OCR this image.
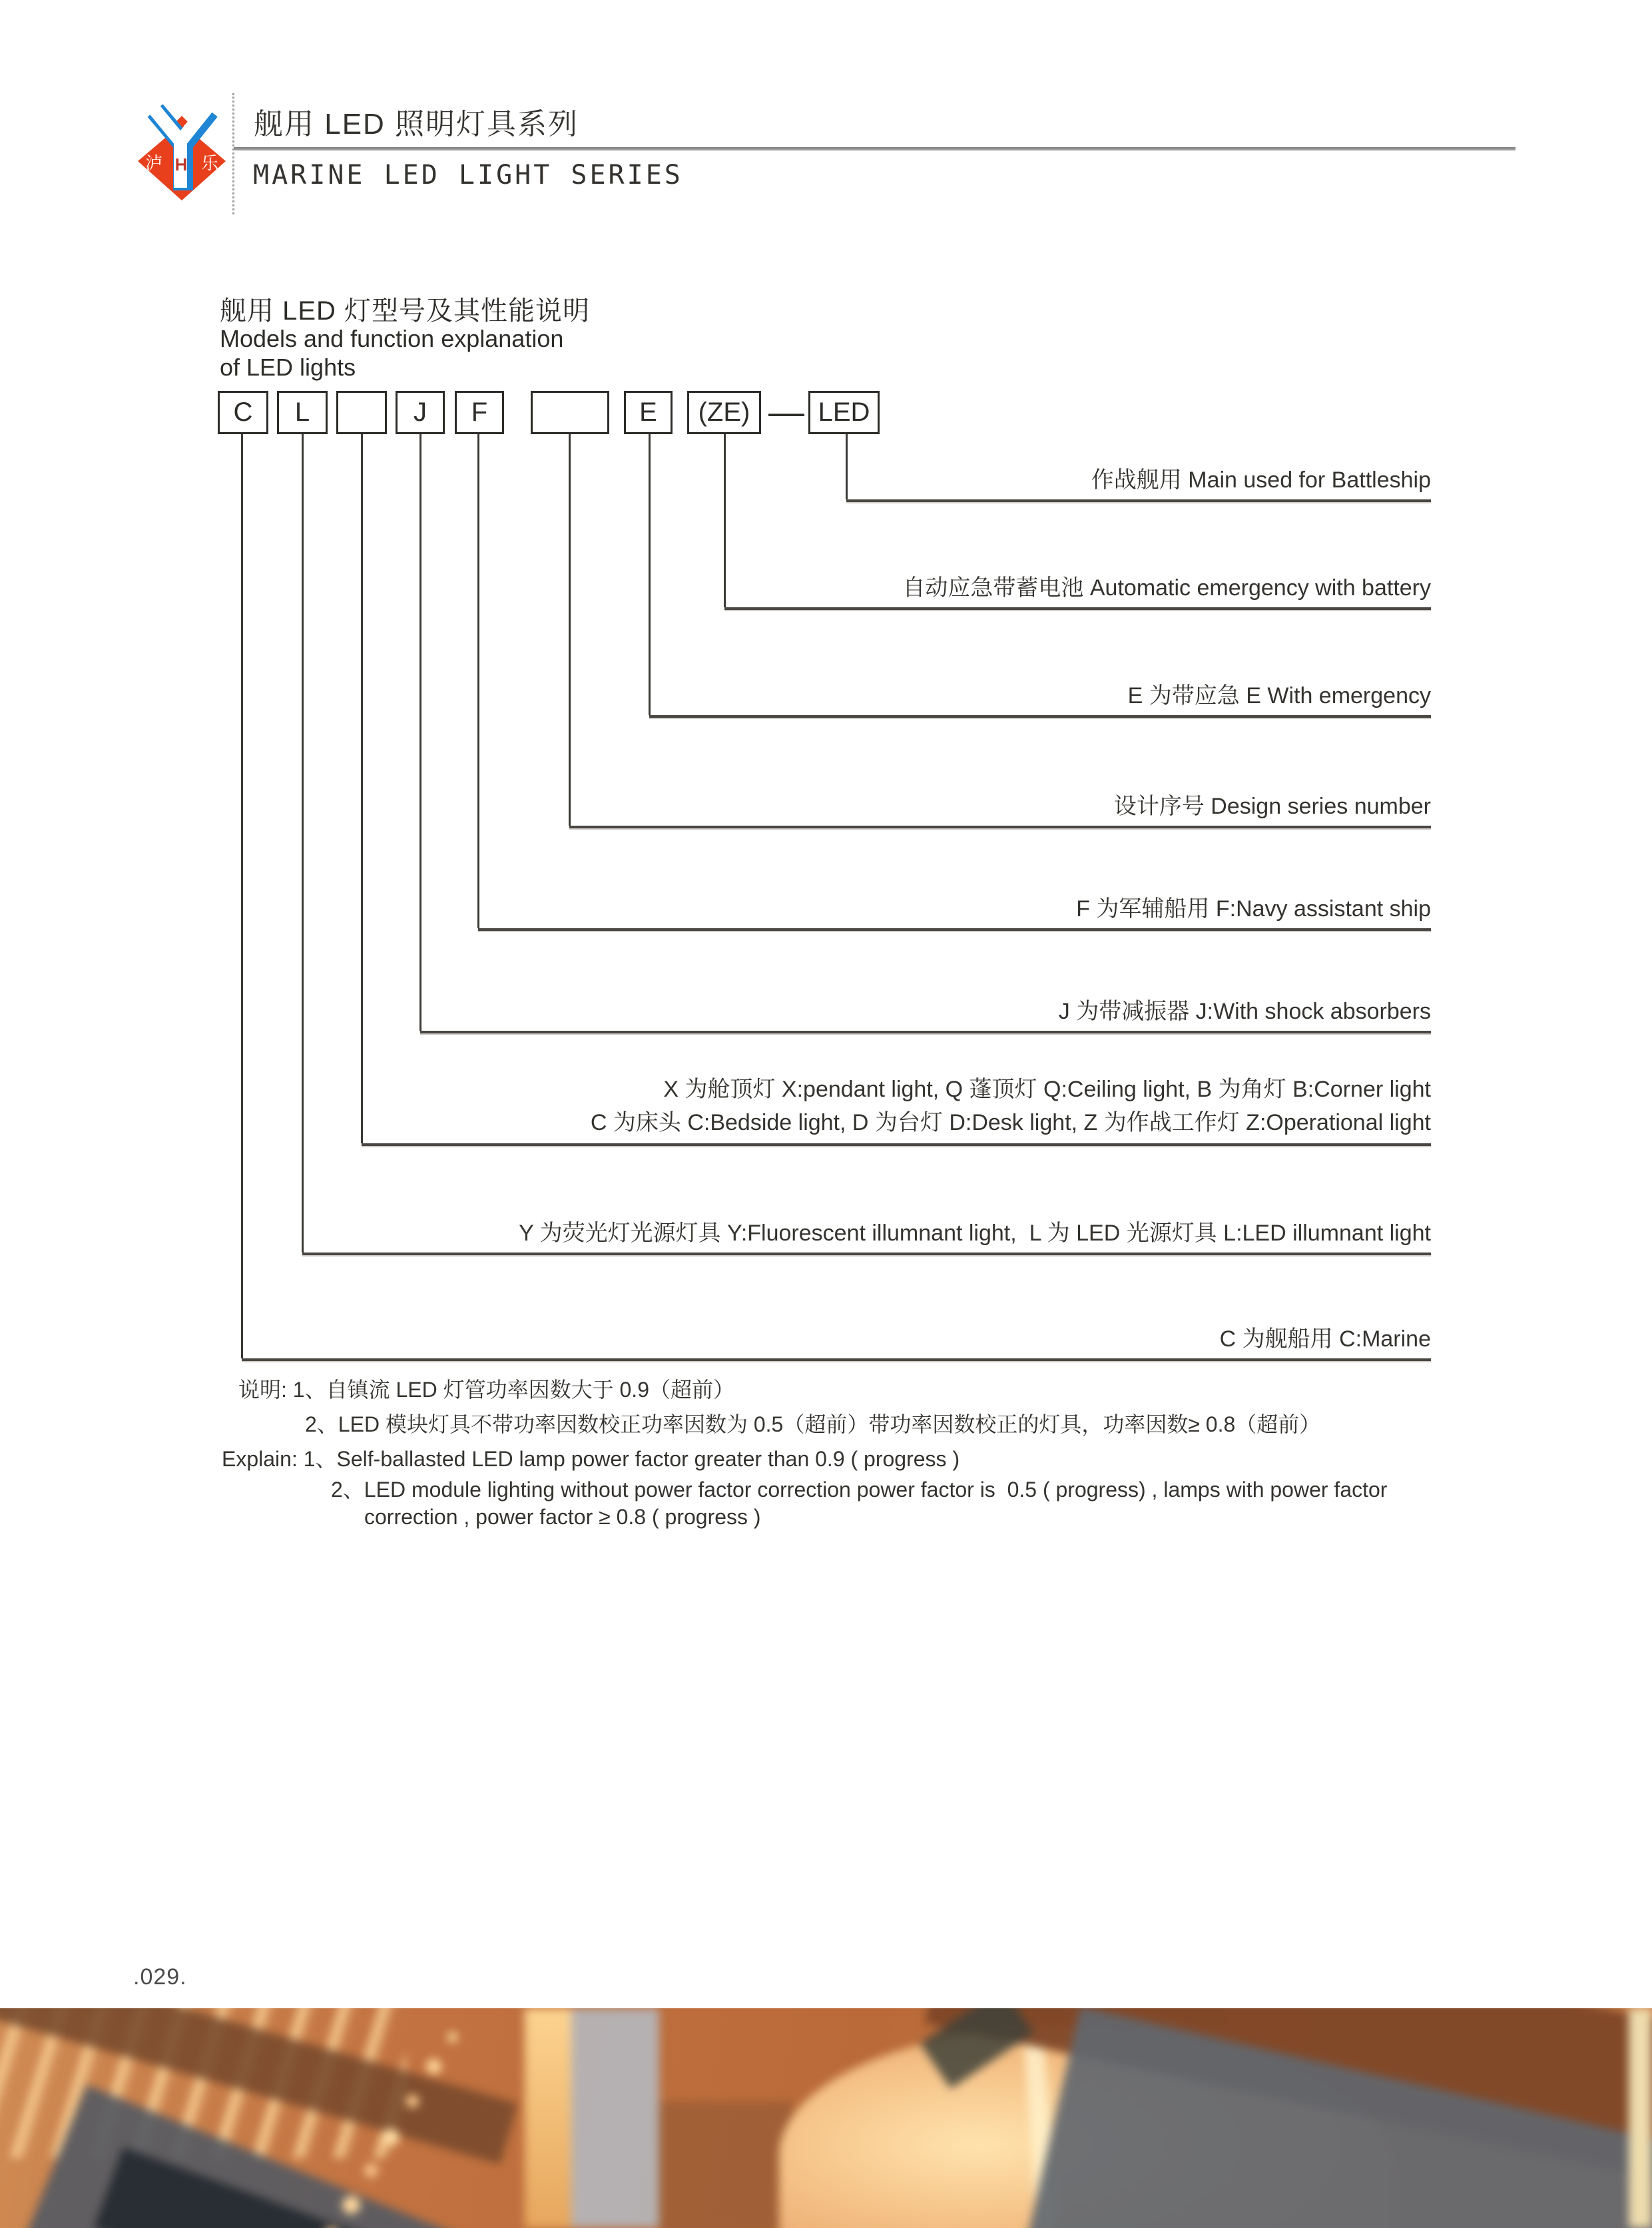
泸 H 乐
舰用 LED 照明灯具系列
MARINE LED LIGHT SERIES
舰用 LED 灯型号及其性能说明
Models and function explanation
of LED lights
C L	J F	E (ZE) — LED
作战舰用 Main used for Battleship
自动应急带蓄电池 Automatic emergency with battery
E 为带应急 E With emergency
设计序号 Design series number
F 为军辅船用 F:Navy assistant ship
J 为带减振器 J:With shock absorbers
X 为舱顶灯 X:pendant light, Q 蓬顶灯 Q:Ceiling light, B 为角灯 B:Corner light
C 为床头 C:Bedside light, D 为台灯 D:Desk light, Z 为作战工作灯 Z:Operational light
Y 为荧光灯光源灯具 Y:Fluorescent illumnant light,  L 为 LED 光源灯具 L:LED illumnant light
C 为舰船用 C:Marine
说明: 1、自镇流 LED 灯管功率因数大于 0.9（超前）
2、LED 模块灯具不带功率因数校正功率因数为 0.5（超前）带功率因数校正的灯具，功率因数≥ 0.8（超前）
Explain: 1、Self-ballasted LED lamp power factor greater than 0.9 ( progress )
2、LED module lighting without power factor correction power factor is  0.5 ( progress) , lamps with power factor
correction , power factor ≥ 0.8 ( progress )
.029.
